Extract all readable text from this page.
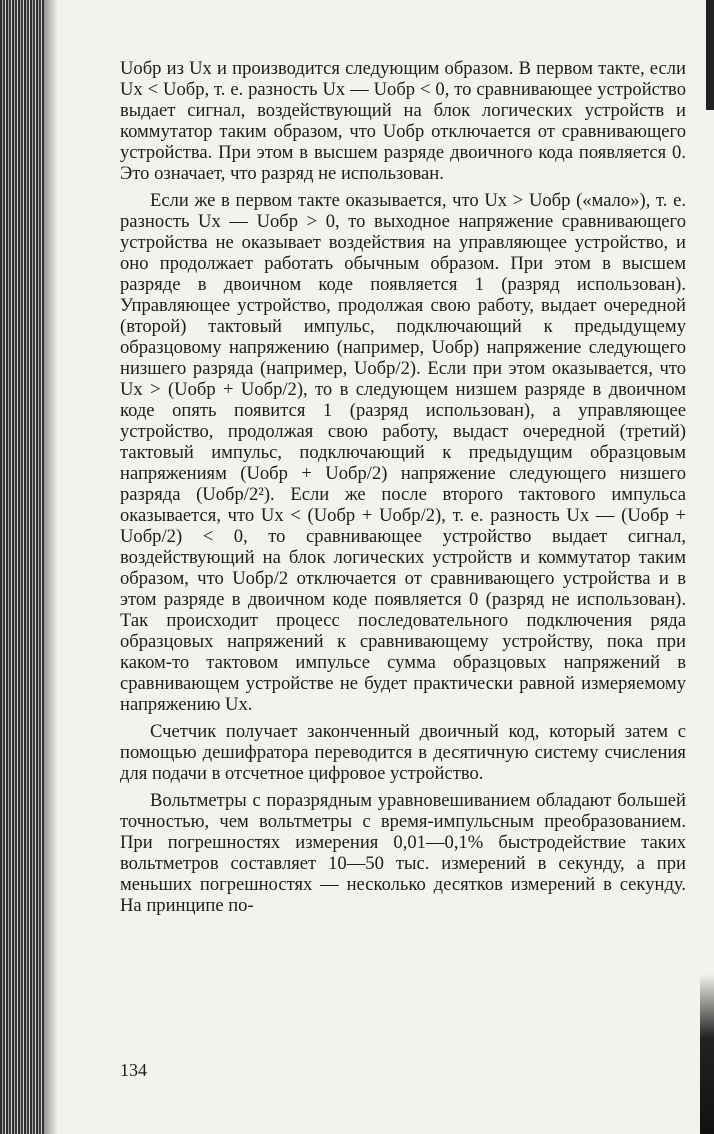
Uобр из Ux и производится следующим образом. В первом такте, если Ux < Uобр, т. е. разность Ux — Uобр < 0, то сравнивающее устройство выдает сигнал, воздействующий на блок логических устройств и коммутатор таким образом, что Uобр отключается от сравнивающего устройства. При этом в высшем разряде двоичного кода появляется 0. Это означает, что разряд не использован.

Если же в первом такте оказывается, что Ux > Uобр («мало»), т. е. разность Ux — Uобр > 0, то выходное напряжение сравнивающего устройства не оказывает воздействия на управляющее устройство, и оно продолжает работать обычным образом. При этом в высшем разряде в двоичном коде появляется 1 (разряд использован). Управляющее устройство, продолжая свою работу, выдает очередной (второй) тактовый импульс, подключающий к предыдущему образцовому напряжению (например, Uобр) напряжение следующего низшего разряда (например, Uобр/2). Если при этом оказывается, что Ux > (Uобр + Uобр/2), то в следующем низшем разряде в двоичном коде опять появится 1 (разряд использован), а управляющее устройство, продолжая свою работу, выдаст очередной (третий) тактовый импульс, подключающий к предыдущим образцовым напряжениям (Uобр + Uобр/2) напряжение следующего низшего разряда (Uобр/2²). Если же после второго тактового импульса оказывается, что Ux < (Uобр + Uобр/2), т. е. разность Ux — (Uобр + Uобр/2) < 0, то сравнивающее устройство выдает сигнал, воздействующий на блок логических устройств и коммутатор таким образом, что Uобр/2 отключается от сравнивающего устройства и в этом разряде в двоичном коде появляется 0 (разряд не использован). Так происходит процесс последовательного подключения ряда образцовых напряжений к сравнивающему устройству, пока при каком-то тактовом импульсе сумма образцовых напряжений в сравнивающем устройстве не будет практически равной измеряемому напряжению Ux.

Счетчик получает законченный двоичный код, который затем с помощью дешифратора переводится в десятичную систему счисления для подачи в отсчетное цифровое устройство.

Вольтметры с поразрядным уравновешиванием обладают большей точностью, чем вольтметры с время-импульсным преобразованием. При погрешностях измерения 0,01—0,1% быстродействие таких вольтметров составляет 10—50 тыс. измерений в секунду, а при меньших погрешностях — несколько десятков измерений в секунду. На принципе по-

134
